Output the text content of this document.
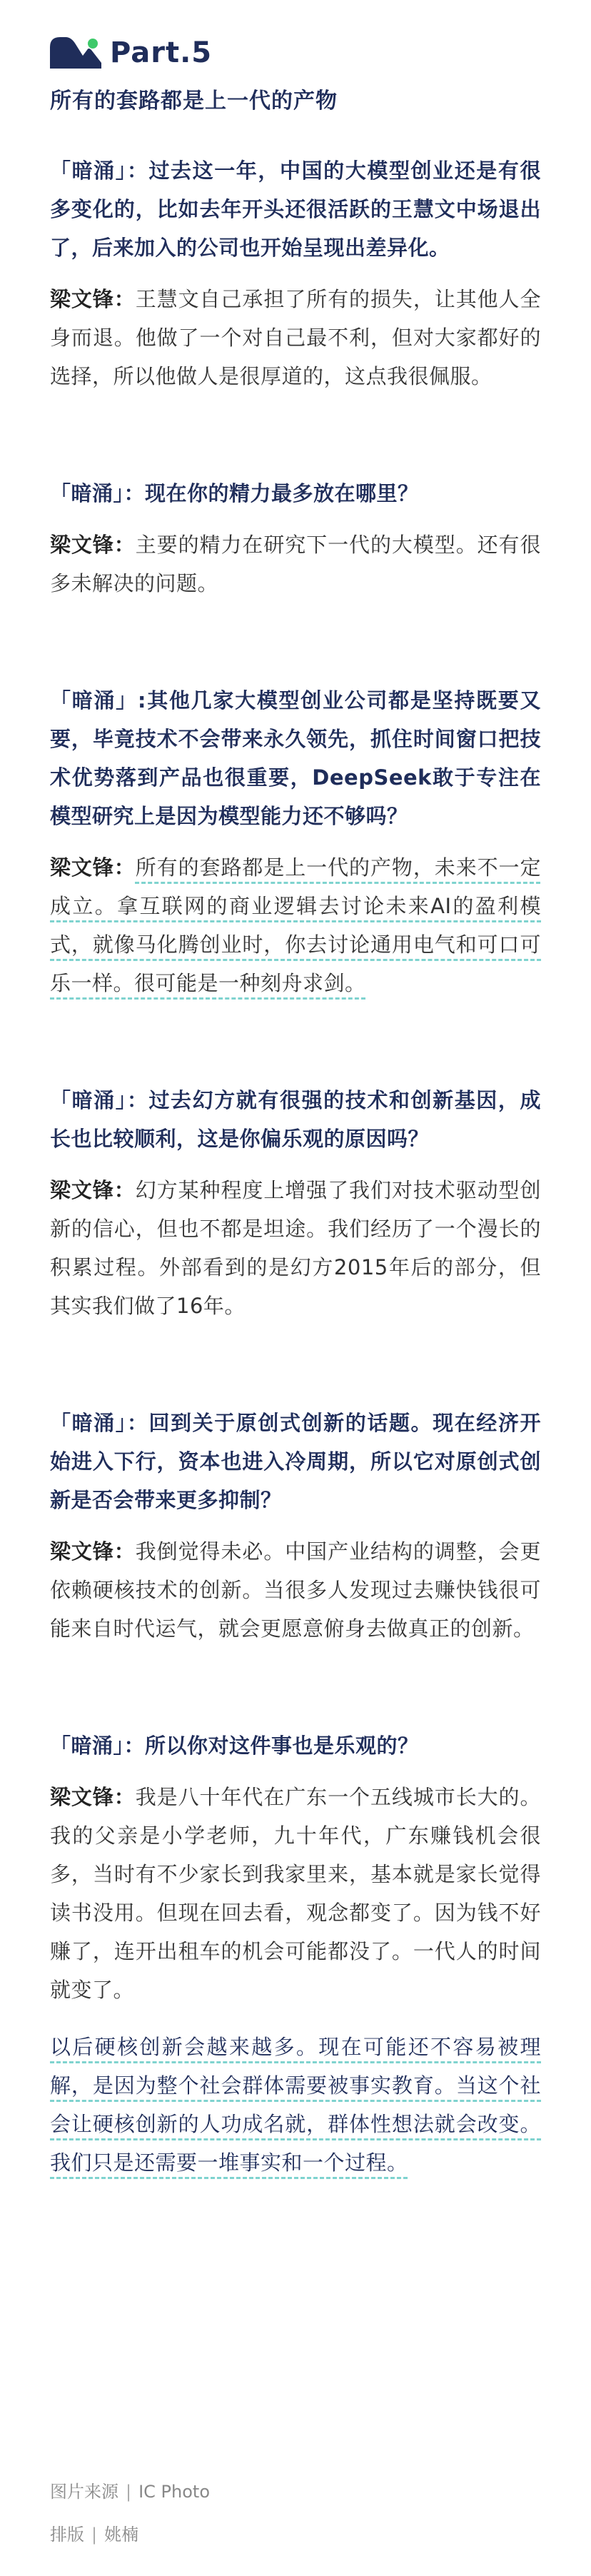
Part.5
所有的套路都是上一代的产物

「暗涌」：过去这一年，中国的大模型创业还是有很多变化的，比如去年开头还很活跃的王慧文中场退出了，后来加入的公司也开始呈现出差异化。

梁文锋：王慧文自己承担了所有的损失，让其他人全身而退。他做了一个对自己最不利，但对大家都好的选择，所以他做人是很厚道的，这点我很佩服。

「暗涌」：现在你的精力最多放在哪里？

梁文锋：主要的精力在研究下一代的大模型。还有很多未解决的问题。

「暗涌」:其他几家大模型创业公司都是坚持既要又要，毕竟技术不会带来永久领先，抓住时间窗口把技术优势落到产品也很重要，DeepSeek敢于专注在模型研究上是因为模型能力还不够吗？

梁文锋：所有的套路都是上一代的产物，未来不一定成立。拿互联网的商业逻辑去讨论未来AI的盈利模式，就像马化腾创业时，你去讨论通用电气和可口可乐一样。很可能是一种刻舟求剑。

「暗涌」：过去幻方就有很强的技术和创新基因，成长也比较顺利，这是你偏乐观的原因吗？

梁文锋：幻方某种程度上增强了我们对技术驱动型创新的信心，但也不都是坦途。我们经历了一个漫长的积累过程。外部看到的是幻方2015年后的部分，但其实我们做了16年。

「暗涌」：回到关于原创式创新的话题。现在经济开始进入下行，资本也进入冷周期，所以它对原创式创新是否会带来更多抑制？

梁文锋：我倒觉得未必。中国产业结构的调整，会更依赖硬核技术的创新。当很多人发现过去赚快钱很可能来自时代运气，就会更愿意俯身去做真正的创新。

「暗涌」：所以你对这件事也是乐观的？

梁文锋：我是八十年代在广东一个五线城市长大的。我的父亲是小学老师，九十年代，广东赚钱机会很多，当时有不少家长到我家里来，基本就是家长觉得读书没用。但现在回去看，观念都变了。因为钱不好赚了，连开出租车的机会可能都没了。一代人的时间就变了。

以后硬核创新会越来越多。现在可能还不容易被理解，是因为整个社会群体需要被事实教育。当这个社会让硬核创新的人功成名就，群体性想法就会改变。我们只是还需要一堆事实和一个过程。

图片来源 | IC Photo
排版 | 姚楠
